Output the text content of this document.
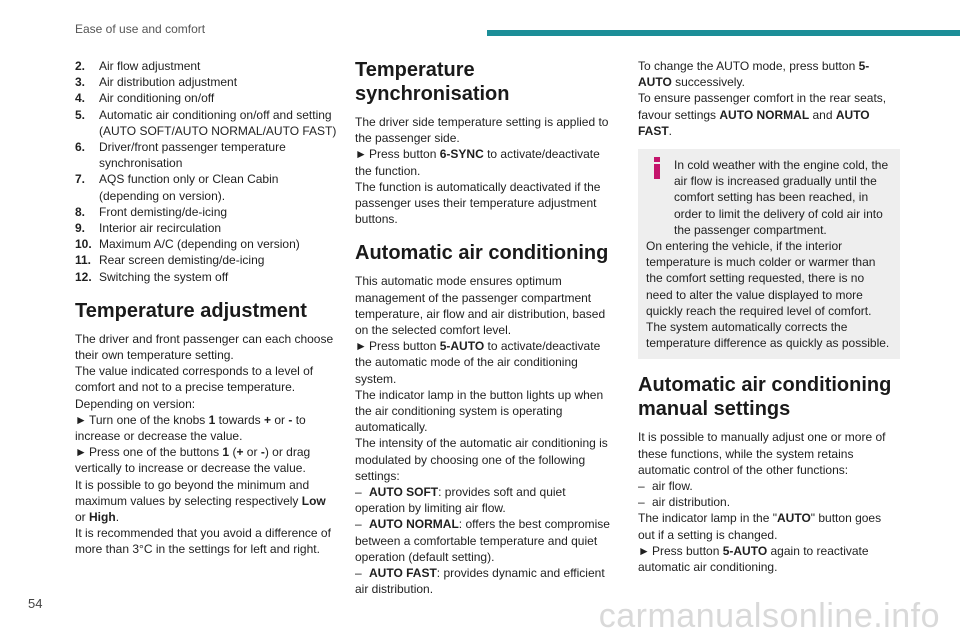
Ease of use and comfort
2. Air flow adjustment
3. Air distribution adjustment
4. Air conditioning on/off
5. Automatic air conditioning on/off and setting (AUTO SOFT/AUTO NORMAL/AUTO FAST)
6. Driver/front passenger temperature synchronisation
7. AQS function only or Clean Cabin (depending on version).
8. Front demisting/de-icing
9. Interior air recirculation
10. Maximum A/C (depending on version)
11. Rear screen demisting/de-icing
12. Switching the system off
Temperature adjustment

The driver and front passenger can each choose their own temperature setting.

The value indicated corresponds to a level of comfort and not to a precise temperature.

Depending on version:

► Turn one of the knobs 1 towards + or - to increase or decrease the value.

► Press one of the buttons 1 (+ or -) or drag vertically to increase or decrease the value.

It is possible to go beyond the minimum and maximum values by selecting respectively Low or High.

It is recommended that you avoid a difference of more than 3°C in the settings for left and right.

Temperature synchronisation

The driver side temperature setting is applied to the passenger side.

► Press button 6-SYNC to activate/deactivate the function.

The function is automatically deactivated if the passenger uses their temperature adjustment buttons.

Automatic air conditioning

This automatic mode ensures optimum management of the passenger compartment temperature, air flow and air distribution, based on the selected comfort level.

► Press button 5-AUTO to activate/deactivate the automatic mode of the air conditioning system.

The indicator lamp in the button lights up when the air conditioning system is operating automatically.

The intensity of the automatic air conditioning is modulated by choosing one of the following settings:

– AUTO SOFT: provides soft and quiet operation by limiting air flow.

– AUTO NORMAL: offers the best compromise between a comfortable temperature and quiet operation (default setting).

– AUTO FAST: provides dynamic and efficient air distribution.

To change the AUTO mode, press button 5-AUTO successively.

To ensure passenger comfort in the rear seats, favour settings AUTO NORMAL and AUTO FAST.

In cold weather with the engine cold, the air flow is increased gradually until the comfort setting has been reached, in order to limit the delivery of cold air into the passenger compartment.

On entering the vehicle, if the interior temperature is much colder or warmer than the comfort setting requested, there is no need to alter the value displayed to more quickly reach the required level of comfort.

The system automatically corrects the temperature difference as quickly as possible.

Automatic air conditioning manual settings

It is possible to manually adjust one or more of these functions, while the system retains automatic control of the other functions:

– air flow.

– air distribution.

The indicator lamp in the "AUTO" button goes out if a setting is changed.

► Press button 5-AUTO again to reactivate automatic air conditioning.

54	carmanualsonline.info
